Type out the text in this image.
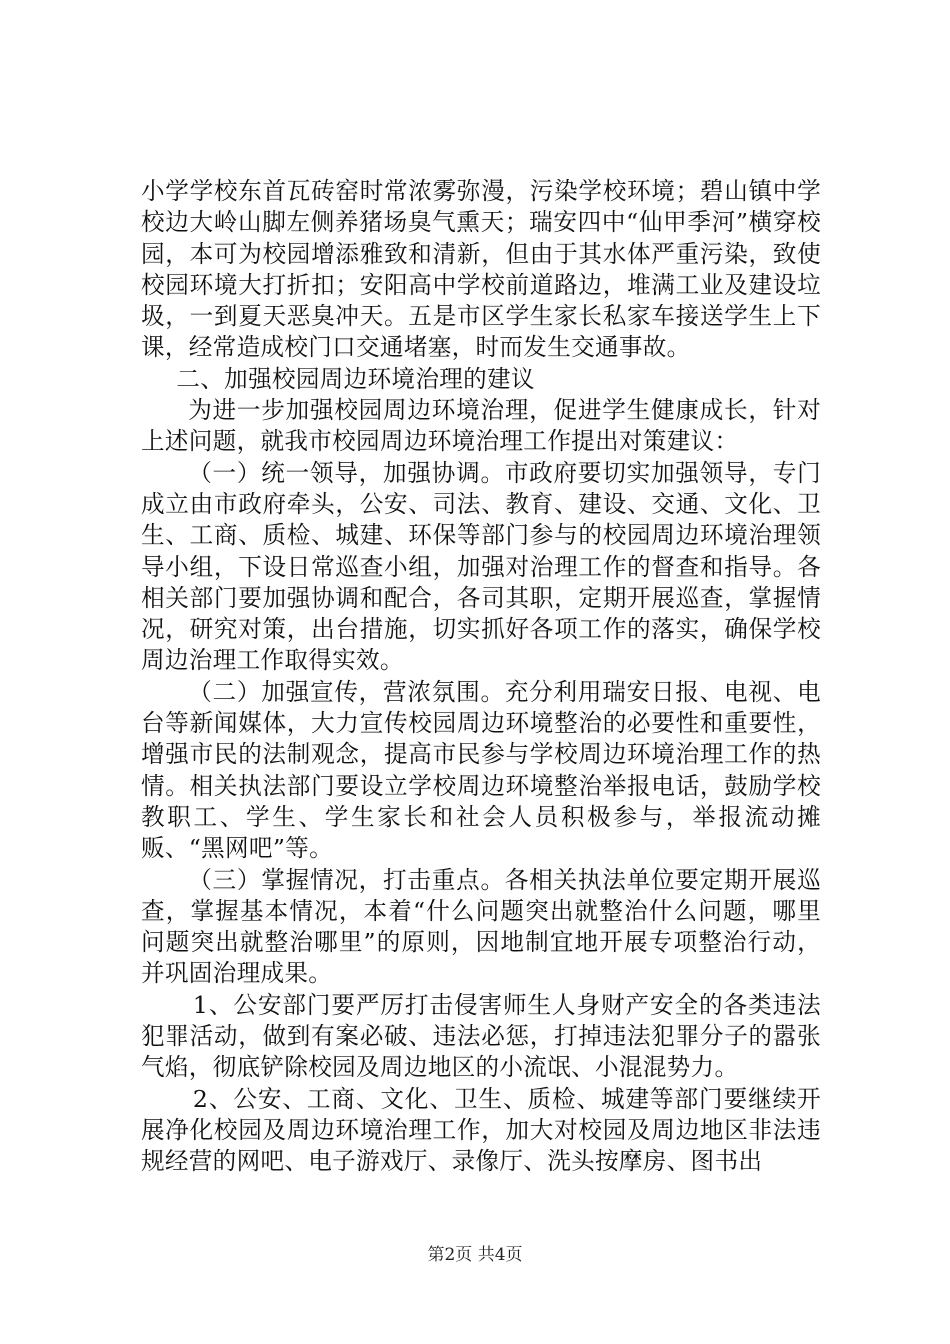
小学学校东首瓦砖窑时常浓雾弥漫，污染学校环境；碧山镇中学校边大岭山脚左侧养猪场臭气熏天；瑞安四中“仙甲季河”横穿校园，本可为校园增添雅致和清新，但由于其水体严重污染，致使校园环境大打折扣；安阳高中学校前道路边，堆满工业及建设垃圾，一到夏天恶臭冲天。五是市区学生家长私家车接送学生上下课，经常造成校门口交通堵塞，时而发生交通事故。

二、加强校园周边环境治理的建议

为进一步加强校园周边环境治理，促进学生健康成长，针对上述问题，就我市校园周边环境治理工作提出对策建议：

（一）统一领导，加强协调。市政府要切实加强领导，专门成立由市政府牵头，公安、司法、教育、建设、交通、文化、卫生、工商、质检、城建、环保等部门参与的校园周边环境治理领导小组，下设日常巡查小组，加强对治理工作的督查和指导。各相关部门要加强协调和配合，各司其职，定期开展巡查，掌握情况，研究对策，出台措施，切实抓好各项工作的落实，确保学校周边治理工作取得实效。

（二）加强宣传，营浓氛围。充分利用瑞安日报、电视、电台等新闻媒体，大力宣传校园周边环境整治的必要性和重要性，增强市民的法制观念，提高市民参与学校周边环境治理工作的热情。相关执法部门要设立学校周边环境整治举报电话，鼓励学校教职工、学生、学生家长和社会人员积极参与，举报流动摊贩、“黑网吧”等。

（三）掌握情况，打击重点。各相关执法单位要定期开展巡查，掌握基本情况，本着“什么问题突出就整治什么问题，哪里问题突出就整治哪里”的原则，因地制宜地开展专项整治行动，并巩固治理成果。

1、公安部门要严厉打击侵害师生人身财产安全的各类违法犯罪活动，做到有案必破、违法必惩，打掉违法犯罪分子的嚣张气焰，彻底铲除校园及周边地区的小流氓、小混混势力。

2、公安、工商、文化、卫生、质检、城建等部门要继续开展净化校园及周边环境治理工作，加大对校园及周边地区非法违规经营的网吧、电子游戏厅、录像厅、洗头按摩房、图书出

第2页 共4页
